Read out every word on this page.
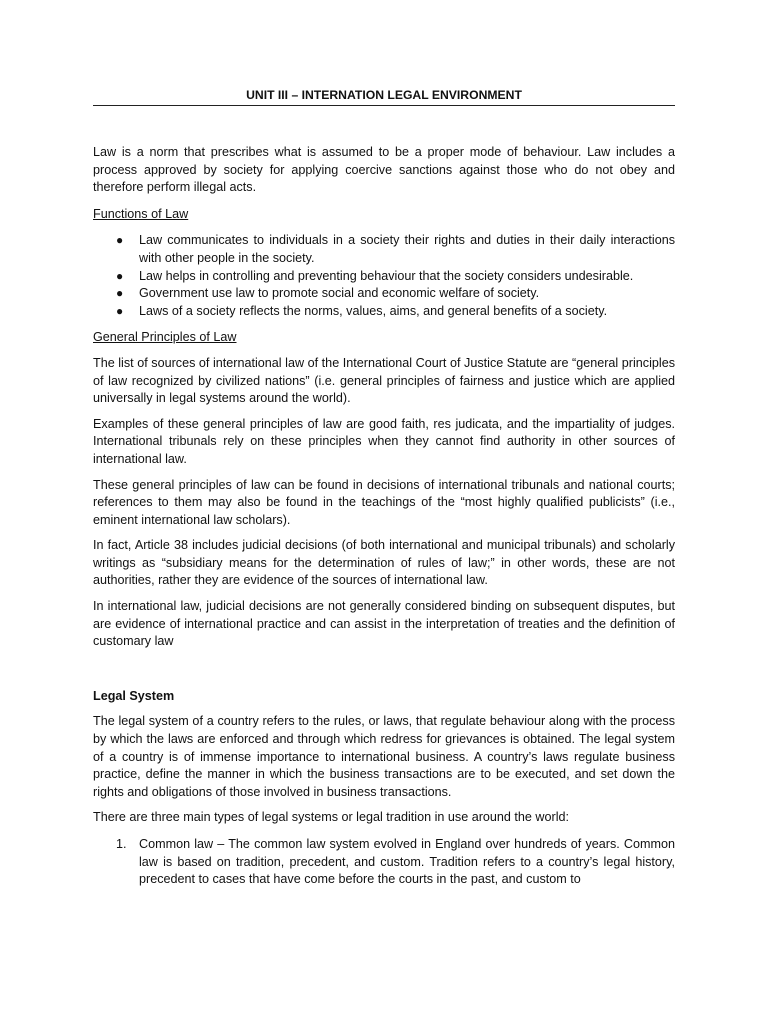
UNIT III – INTERNATION LEGAL ENVIRONMENT

Law is a norm that prescribes what is assumed to be a proper mode of behaviour. Law includes a process approved by society for applying coercive sanctions against those who do not obey and therefore perform illegal acts.

Functions of Law

● Law communicates to individuals in a society their rights and duties in their daily interactions with other people in the society.
● Law helps in controlling and preventing behaviour that the society considers undesirable.
● Government use law to promote social and economic welfare of society.
● Laws of a society reflects the norms, values, aims, and general benefits of a society.

General Principles of Law

The list of sources of international law of the International Court of Justice Statute are “general principles of law recognized by civilized nations” (i.e. general principles of fairness and justice which are applied universally in legal systems around the world).

Examples of these general principles of law are good faith, res judicata, and the impartiality of judges. International tribunals rely on these principles when they cannot find authority in other sources of international law.

These general principles of law can be found in decisions of international tribunals and national courts; references to them may also be found in the teachings of the “most highly qualified publicists” (i.e., eminent international law scholars).

In fact, Article 38 includes judicial decisions (of both international and municipal tribunals) and scholarly writings as “subsidiary means for the determination of rules of law;” in other words, these are not authorities, rather they are evidence of the sources of international law.

In international law, judicial decisions are not generally considered binding on subsequent disputes, but are evidence of international practice and can assist in the interpretation of treaties and the definition of customary law

Legal System

The legal system of a country refers to the rules, or laws, that regulate behaviour along with the process by which the laws are enforced and through which redress for grievances is obtained. The legal system of a country is of immense importance to international business. A country’s laws regulate business practice, define the manner in which the business transactions are to be executed, and set down the rights and obligations of those involved in business transactions.

There are three main types of legal systems or legal tradition in use around the world:

1. Common law – The common law system evolved in England over hundreds of years. Common law is based on tradition, precedent, and custom. Tradition refers to a country’s legal history, precedent to cases that have come before the courts in the past, and custom to
